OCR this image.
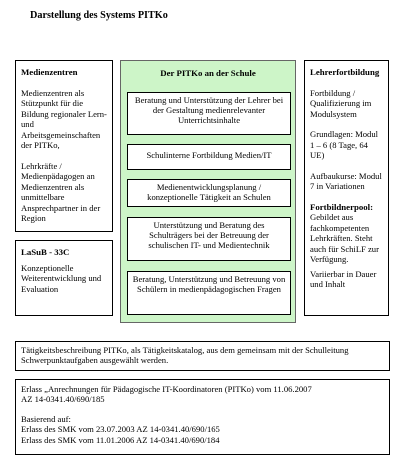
Darstellung des Systems PITKo

Medienzentren

Medienzentren als Stützpunkt für die Bildung regionaler Lern- und Arbeitsgemeinschaften der PITKo,

Lehrkräfte / Medienpädagogen an Medienzentren als unmittelbare Ansprechpartner in der Region

LaSuB - 33C

Konzeptionelle Weiterentwicklung und Evaluation

Der PITKo an der Schule

Beratung und Unterstützung der Lehrer bei der Gestaltung medienrelevanter Unterrichtsinhalte
Schulinterne Fortbildung Medien/IT
Medienentwicklungsplanung / konzeptionelle Tätigkeit an Schulen
Unterstützung und Beratung des Schulträgers bei der Betreuung der schulischen IT- und Medientechnik
Beratung, Unterstützung und Betreuung von Schülern in medienpädagogischen Fragen

Lehrerfortbildung

Fortbildung / Qualifizierung im Modulsystem

Grundlagen: Modul 1 – 6 (8 Tage, 64 UE)

Aufbaukurse: Modul 7 in Variationen

Fortbildnerpool:

Gebildet aus fachkompetenten Lehrkräften. Steht auch für SchiLF zur Verfügung.

Variierbar in Dauer und Inhalt

Tätigkeitsbeschreibung PITKo, als Tätigkeitskatalog, aus dem gemeinsam mit der Schulleitung Schwerpunktaufgaben ausgewählt werden.

Erlass „Anrechnungen für Pädagogische IT-Koordinatoren (PITKo) vom 11.06.2007

AZ 14-0341.40/690/185

Basierend auf:

Erlass des SMK vom 23.07.2003 AZ 14-0341.40/690/165

Erlass des SMK vom 11.01.2006 AZ 14-0341.40/690/184
